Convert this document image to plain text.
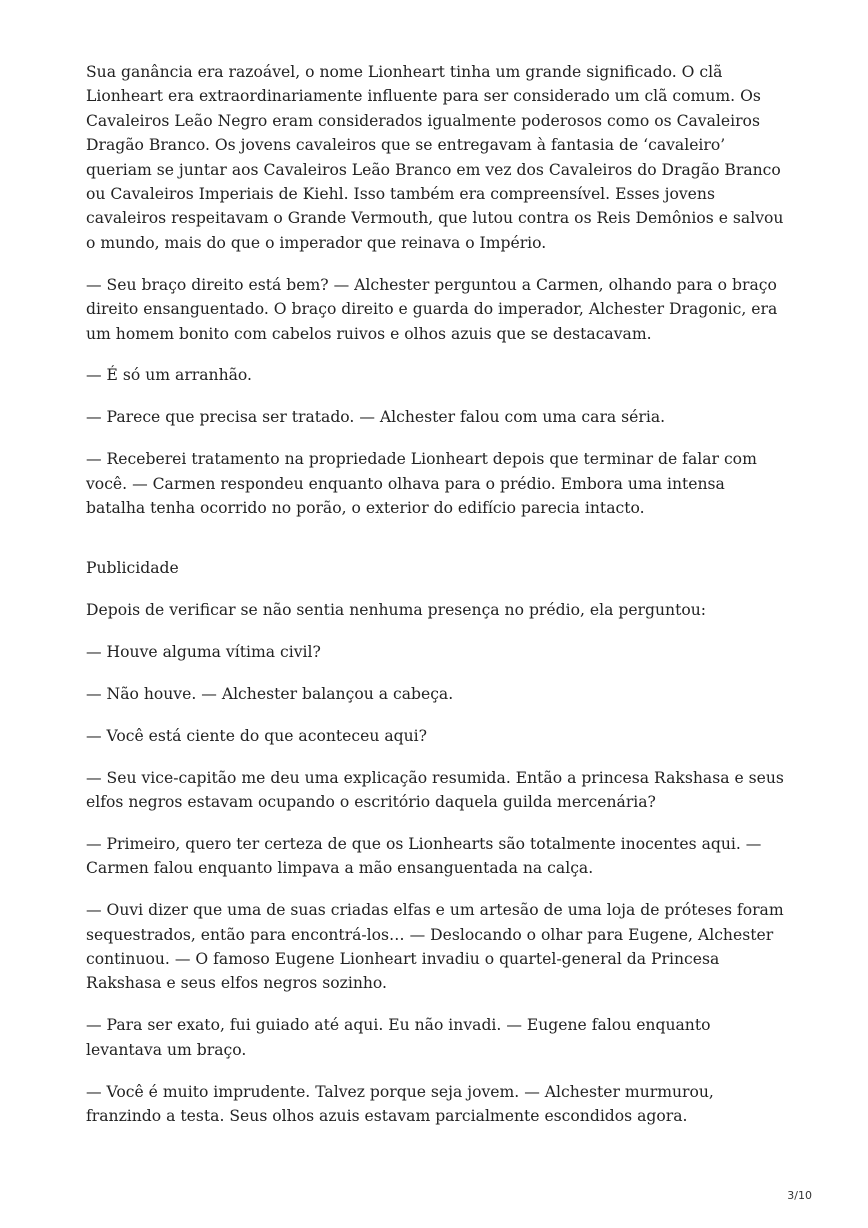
Sua ganância era razoável, o nome Lionheart tinha um grande significado. O clã Lionheart era extraordinariamente influente para ser considerado um clã comum. Os Cavaleiros Leão Negro eram considerados igualmente poderosos como os Cavaleiros Dragão Branco. Os jovens cavaleiros que se entregavam à fantasia de ‘cavaleiro’ queriam se juntar aos Cavaleiros Leão Branco em vez dos Cavaleiros do Dragão Branco ou Cavaleiros Imperiais de Kiehl. Isso também era compreensível. Esses jovens cavaleiros respeitavam o Grande Vermouth, que lutou contra os Reis Demônios e salvou o mundo, mais do que o imperador que reinava o Império.

— Seu braço direito está bem? — Alchester perguntou a Carmen, olhando para o braço direito ensanguentado. O braço direito e guarda do imperador, Alchester Dragonic, era um homem bonito com cabelos ruivos e olhos azuis que se destacavam.

— É só um arranhão.

— Parece que precisa ser tratado. — Alchester falou com uma cara séria.

— Receberei tratamento na propriedade Lionheart depois que terminar de falar com você. — Carmen respondeu enquanto olhava para o prédio. Embora uma intensa batalha tenha ocorrido no porão, o exterior do edifício parecia intacto.

Publicidade

Depois de verificar se não sentia nenhuma presença no prédio, ela perguntou:

— Houve alguma vítima civil?

— Não houve. — Alchester balançou a cabeça.

— Você está ciente do que aconteceu aqui?

— Seu vice-capitão me deu uma explicação resumida. Então a princesa Rakshasa e seus elfos negros estavam ocupando o escritório daquela guilda mercenária?

— Primeiro, quero ter certeza de que os Lionhearts são totalmente inocentes aqui. — Carmen falou enquanto limpava a mão ensanguentada na calça.

— Ouvi dizer que uma de suas criadas elfas e um artesão de uma loja de próteses foram sequestrados, então para encontrá-los… — Deslocando o olhar para Eugene, Alchester continuou. — O famoso Eugene Lionheart invadiu o quartel-general da Princesa Rakshasa e seus elfos negros sozinho.

— Para ser exato, fui guiado até aqui. Eu não invadi. — Eugene falou enquanto levantava um braço.

— Você é muito imprudente. Talvez porque seja jovem. — Alchester murmurou, franzindo a testa. Seus olhos azuis estavam parcialmente escondidos agora.

3/10
